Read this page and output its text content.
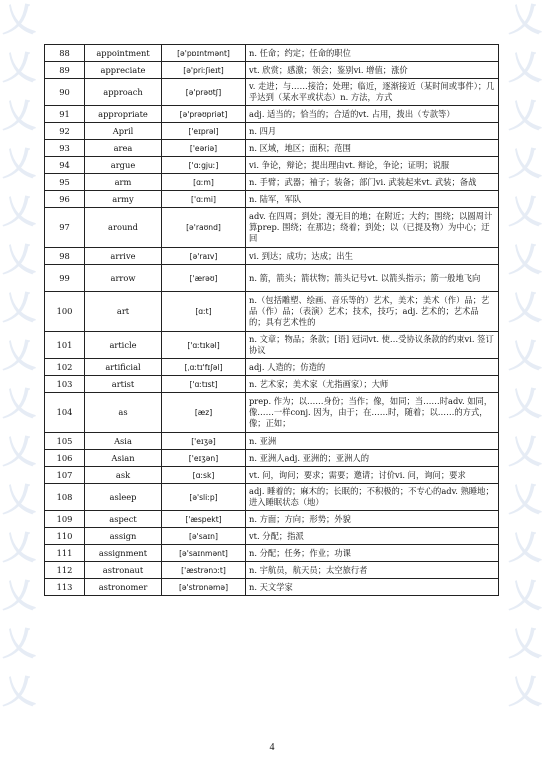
乂
乂
乂
乂
乂
乂
乂
乂
乂
乂
乂
乂
乂
乂
乂
乂
乂
乂
乂
乂
乂
乂
乂
乂
乂
乂
乂
乂
乂
乂
88	appointment	[ə'pɒɪntmənt]	n. 任命；约定；任命的职位
89	appreciate	[ə'priːʃieɪt]	vt. 欣赏；感激；领会；鉴别vi. 增值；涨价
90	approach	[ə'prəʊtʃ]	v. 走进；与……接洽；处理；临近，逐渐接近（某时间或事件）；几乎达到（某水平或状态）n. 方法，方式
91	appropriate	[ə'prəʊpriət]	adj. 适当的；恰当的；合适的vt. 占用，拨出（专款等）
92	April	['eɪprəl]	n. 四月
93	area	['eəriə]	n. 区域，地区；面积；范围
94	argue	['ɑːgjuː]	vi. 争论，辩论；提出理由vt. 辩论，争论；证明；说服
95	arm	[ɑːm]	n. 手臂；武器；袖子；装备；部门vi. 武装起来vt. 武装；备战
96	army	['ɑːmi]	n. 陆军，军队
97	around	[ə'raʊnd]	adv. 在四周；到处；漫无目的地；在附近；大约；围绕；以圆周计算prep. 围绕；在那边；绕着；到处；以（已提及物）为中心；迂回
98	arrive	[ə'raɪv]	vi. 到达；成功；达成；出生
99	arrow	['ærəʊ]	n. 箭，箭头；箭状物；箭头记号vt. 以箭头指示；箭一般地飞向
100	art	[ɑːt]	n.（包括雕塑、绘画、音乐等的）艺术，美术；美术（作）品；艺品（作）品；（表演）艺术；技术，技巧；adj. 艺术的；艺术品的；具有艺术性的
101	article	['ɑːtɪkəl]	n. 文章；物品；条款；[语] 冠词vt. 使…受协议条款的约束vi. 签订协议
102	artificial	[ˌɑːtɪ'fɪʃəl]	adj. 人造的；仿造的
103	artist	['ɑːtɪst]	n. 艺术家；美术家（尤指画家）；大师
104	as	[æz]	prep. 作为；以……身份；当作；像，如同；当……时adv. 如同，像……一样conj. 因为，由于；在……时，随着；以……的方式，像；正如；
105	Asia	['eɪʒə]	n. 亚洲
106	Asian	['eɪʒən]	n. 亚洲人adj. 亚洲的；亚洲人的
107	ask	[ɑːsk]	vt. 问，询问；要求；需要；邀请；讨价vi. 问，询问；要求
108	asleep	[ə'sliːp]	adj. 睡着的；麻木的；长眠的；不积极的；不专心的adv. 熟睡地；进入睡眠状态（地）
109	aspect	['æspekt]	n. 方面；方向；形势；外貌
110	assign	[ə'saɪn]	vt. 分配；指派
111	assignment	[ə'saɪnmənt]	n. 分配；任务；作业；功课
112	astronaut	['æstrənɔːt]	n. 宇航员，航天员；太空旅行者
113	astronomer	[ə'strɒnəmə]	n. 天文学家
4
